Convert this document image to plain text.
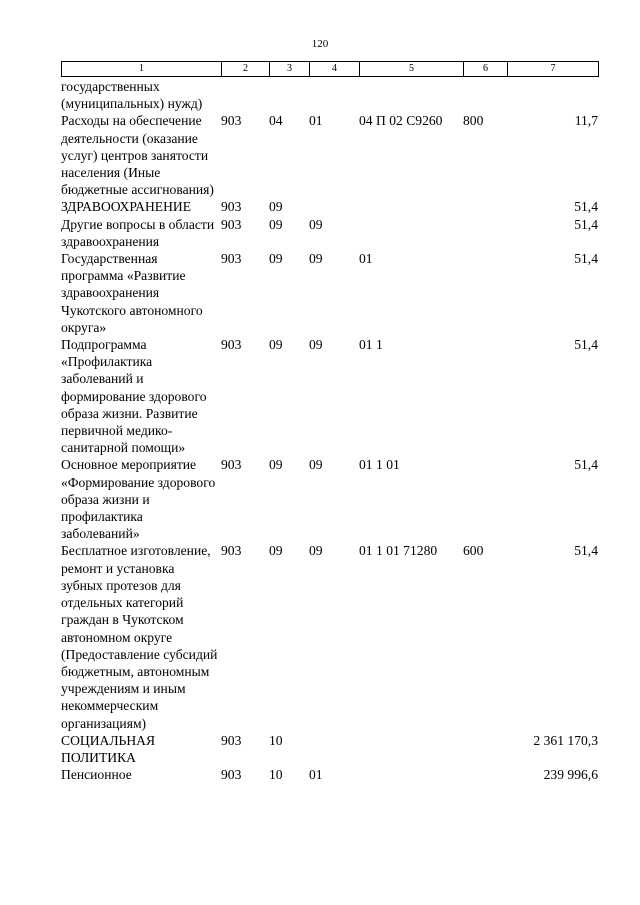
120
1	2	3	4	5	6	7
государственных (муниципальных) нужд)						
Расходы на обеспечение деятельности (оказание услуг) центров занятости населения (Иные бюджетные ассигнования)	903	04	01	04 П 02 С9260	800	11,7
ЗДРАВООХРАНЕНИЕ	903	09				51,4
Другие вопросы в области здравоохранения	903	09	09			51,4
Государственная программа «Развитие здравоохранения Чукотского автономного округа»	903	09	09	01		51,4
Подпрограмма «Профилактика заболеваний и формирование здорового образа жизни. Развитие первичной медико-санитарной помощи»	903	09	09	01 1		51,4
Основное мероприятие «Формирование здорового образа жизни и профилактика заболеваний»	903	09	09	01 1 01		51,4
Бесплатное изготовление, ремонт и установка зубных протезов для отдельных категорий граждан в Чукотском автономном округе (Предоставление субсидий бюджетным, автономным учреждениям и иным некоммерческим организациям)	903	09	09	01 1 01 71280	600	51,4
СОЦИАЛЬНАЯ ПОЛИТИКА	903	10				2 361 170,3
Пенсионное	903	10	01			239 996,6
